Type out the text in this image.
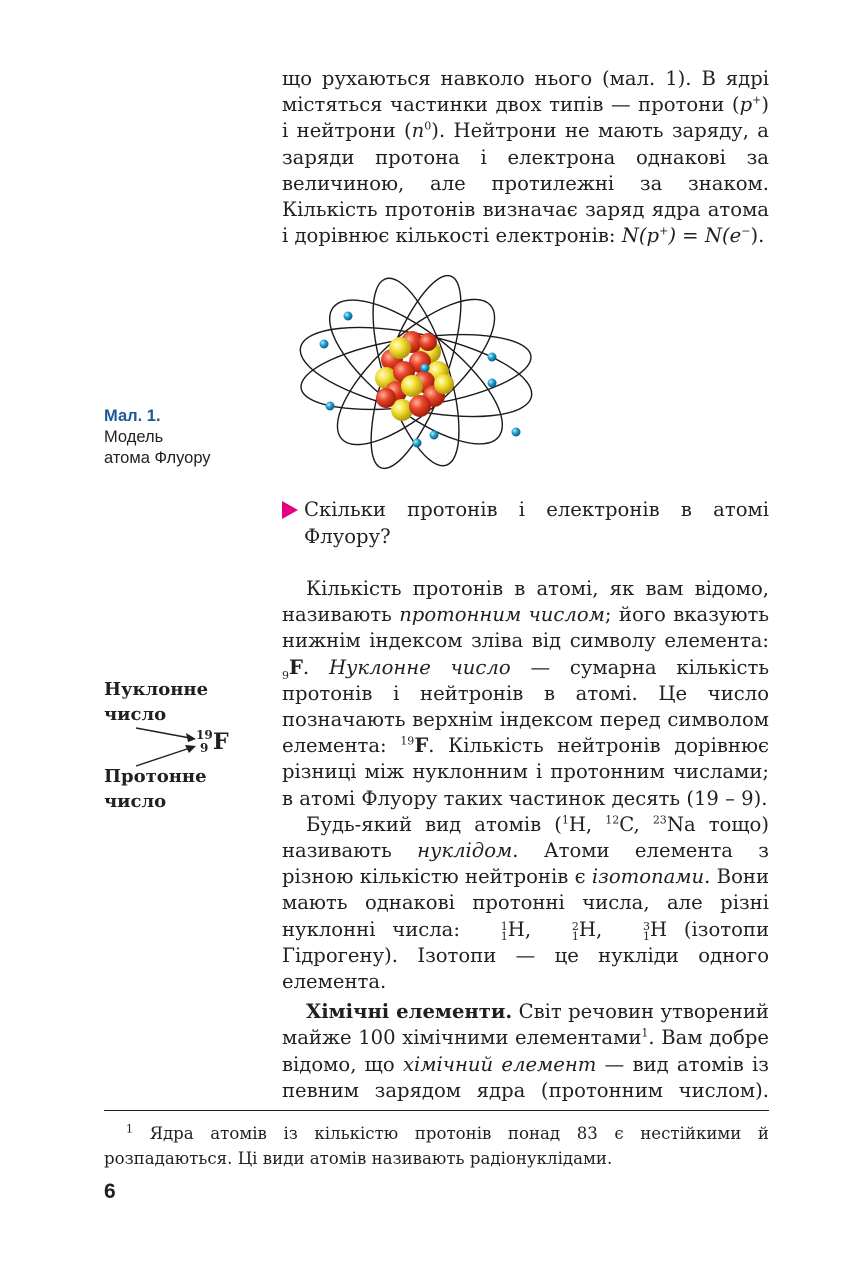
що рухаються навколо нього (мал. 1). В ядрі містяться частинки двох типів — протони (p+) і нейтрони $(n^0)$. Нейтрони не мають заряду, а заряди протона і електрона однакові за величиною, але протилежні за знаком. Кількість протонів визначає заряд ядра атома і дорівнює кількості електронів: N(p+) = N(e−).

Мал. 1.
Модель
атома Флуору
Скільки протонів і електронів в атомі Флуору?
Нуклонне
число
Протонне
число
19
9 F

Кількість протонів в атомі, як вам відомо, називають протонним числом; його вказують нижнім індексом зліва від символу елемента: $_9$F. Нуклонне число — сумарна кількість протонів і нейтронів в атомі. Це число позначають верхнім індексом перед символом елемента: $^{19}$F. Кількість нейтронів дорівнює різниці між нуклонним і протонним числами; в атомі Флуору таких частинок десять (19 – 9).

Будь-який вид атомів ($^1$H, $^{12}$C, $^{23}$Na тощо) називають нуклідом. Атоми елемента з різною кількістю нейтронів є ізотопами. Вони мають однакові протонні числа, але різні нуклонні числа:	1
1 H,	2
1 H,	3
1 H (ізотопи Гідрогену). Ізотопи — це нукліди одного елемента.

Хімічні елементи. Світ речовин утворений майже 100 хімічними елементами$^1$. Вам добре відомо, що хімічний елемент — вид атомів із певним зарядом ядра (протонним числом).

$^1$ Ядра атомів із кількістю протонів понад 83 є нестійкими й розпадаються. Ці види атомів називають радіонуклідами.
6
